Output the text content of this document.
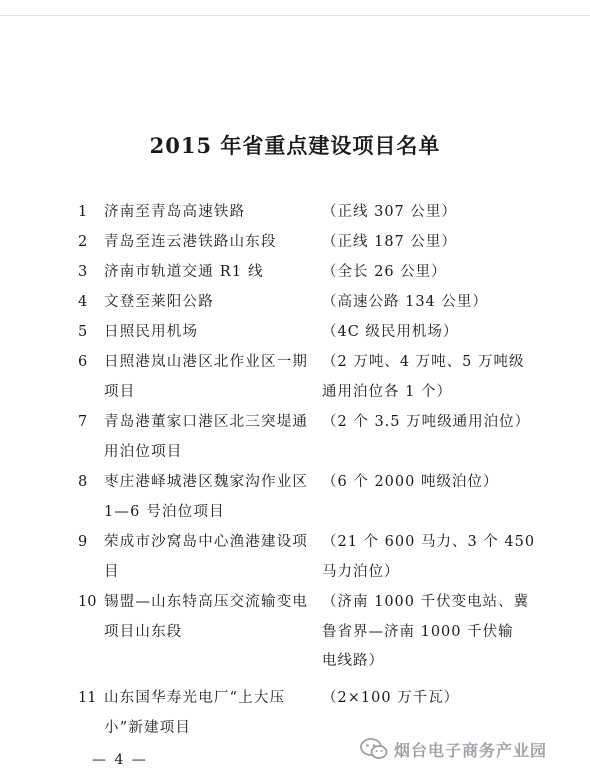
2015 年省重点建设项目名单
1 济南至青岛高速铁路	（正线 307 公里）
2 青岛至连云港铁路山东段	（正线 187 公里）
3 济南市轨道交通 R1 线	（全长 26 公里）
4 文登至莱阳公路	（高速公路 134 公里）
5 日照民用机场	（4C 级民用机场）
6 日照港岚山港区北作业区一期
项目
（2 万吨、4 万吨、5 万吨级
通用泊位各 1 个）
7 青岛港董家口港区北三突堤通
用泊位项目
（2 个 3.5 万吨级通用泊位）
8 枣庄港峄城港区魏家沟作业区
1—6 号泊位项目
（6 个 2000 吨级泊位）
9 荣成市沙窝岛中心渔港建设项
目
（21 个 600 马力、3 个 450
马力泊位）
10 锡盟—山东特高压交流输变电
项目山东段
（济南 1000 千伏变电站、冀
鲁省界—济南 1000 千伏输
电线路）
11 山东国华寿光电厂“上大压
小”新建项目
（2×100 万千瓦）
— 4 —
烟台电子商务产业园
